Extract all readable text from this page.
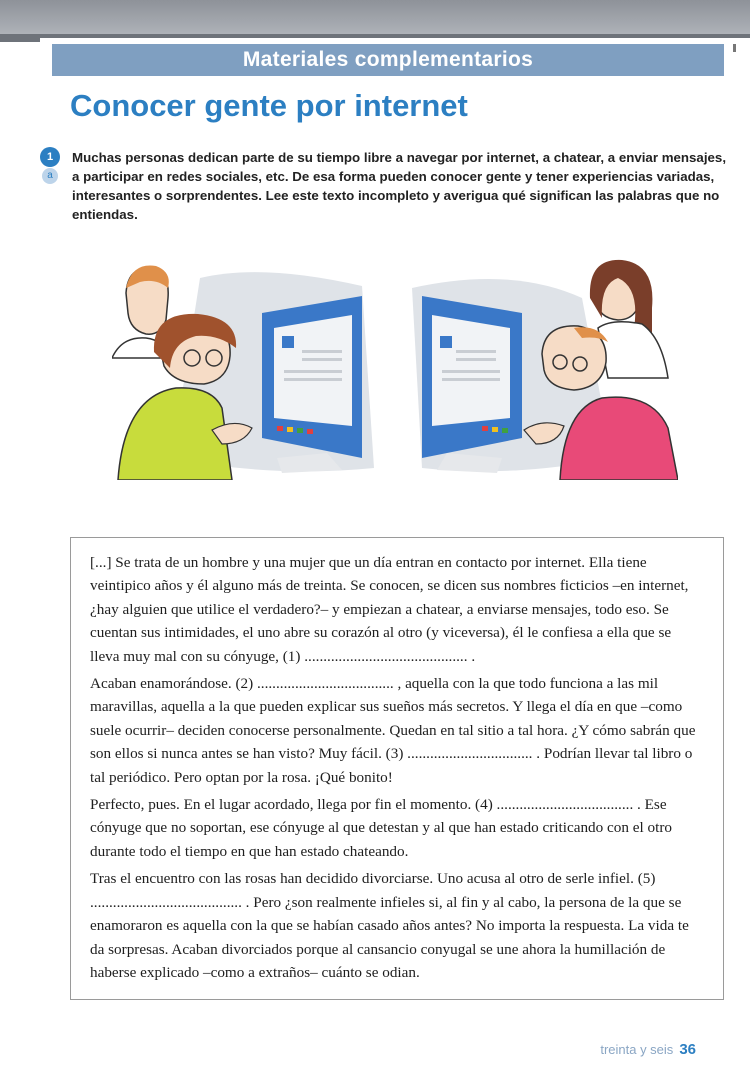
Materiales complementarios
Conocer gente por internet
1
a

Muchas personas dedican parte de su tiempo libre a navegar por internet, a chatear, a enviar mensajes, a participar en redes sociales, etc. De esa forma pueden conocer gente y tener experiencias variadas, interesantes o sorprendentes. Lee este texto incompleto y averigua qué significan las palabras que no entiendas.

[...] Se trata de un hombre y una mujer que un día entran en contacto por internet. Ella tiene veintipico años y él alguno más de treinta. Se conocen, se dicen sus nombres ficticios –en internet, ¿hay alguien que utilice el verdadero?– y empiezan a chatear, a enviarse mensajes, todo eso. Se cuentan sus intimidades, el uno abre su corazón al otro (y viceversa), él le confiesa a ella que se lleva muy mal con su cónyuge, (1) ........................................... .

Acaban enamorándose. (2) .................................... , aquella con la que todo funciona a las mil maravillas, aquella a la que pueden explicar sus sueños más secretos. Y llega el día en que –como suele ocurrir– deciden conocerse personalmente. Quedan en tal sitio a tal hora. ¿Y cómo sabrán que son ellos si nunca antes se han visto? Muy fácil. (3) ................................. . Podrían llevar tal libro o tal periódico. Pero optan por la rosa. ¡Qué bonito!

Perfecto, pues. En el lugar acordado, llega por fin el momento. (4) .................................... . Ese cónyuge que no soportan, ese cónyuge al que detestan y al que han estado criticando con el otro durante todo el tiempo en que han estado chateando.

Tras el encuentro con las rosas han decidido divorciarse. Uno acusa al otro de serle infiel. (5) ........................................ . Pero ¿son realmente infieles si, al fin y al cabo, la persona de la que se enamoraron es aquella con la que se habían casado años antes? No importa la respuesta. La vida te da sorpresas. Acaban divorciados porque al cansancio conyugal se une ahora la humillación de haberse explicado –como a extraños– cuánto se odian.

treinta y seis 36
